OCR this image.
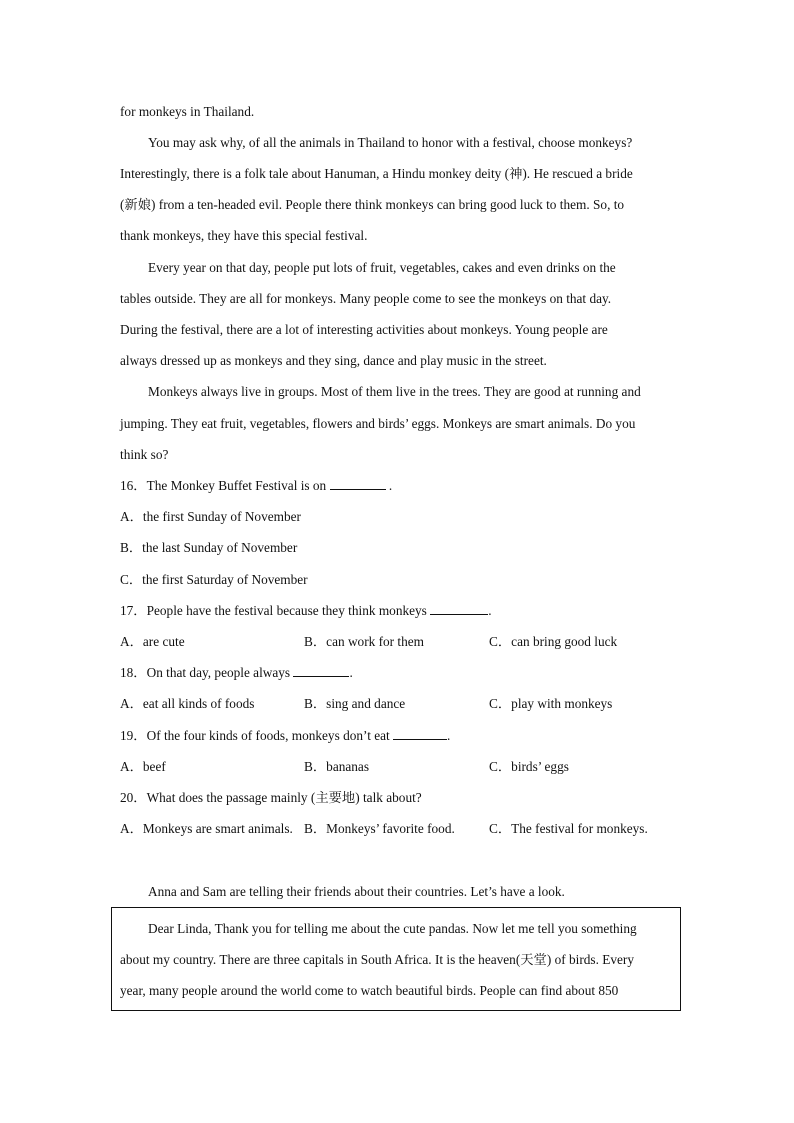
for monkeys in Thailand.

You may ask why, of all the animals in Thailand to honor with a festival, choose monkeys?

Interestingly, there is a folk tale about Hanuman, a Hindu monkey deity (神). He rescued a bride

(新娘) from a ten-headed evil. People there think monkeys can bring good luck to them. So, to

thank monkeys, they have this special festival.

Every year on that day, people put lots of fruit, vegetables, cakes and even drinks on the

tables outside. They are all for monkeys. Many people come to see the monkeys on that day.

During the festival, there are a lot of interesting activities about monkeys. Young people are

always dressed up as monkeys and they sing, dance and play music in the street.

Monkeys always live in groups. Most of them live in the trees. They are good at running and

jumping. They eat fruit, vegetables, flowers and birds’ eggs. Monkeys are smart animals. Do you

think so?

16．The Monkey Buffet Festival is on	.
A．the first Sunday of November
B．the last Sunday of November
C．the first Saturday of November
17．People have the festival because they think monkeys	.
A．are cute	B．can work for them	C．can bring good luck
18．On that day, people always	.
A．eat all kinds of foods	B．sing and dance	C．play with monkeys
19．Of the four kinds of foods, monkeys don’t eat	.
A．beef	B．bananas	C．birds’ eggs
20．What does the passage mainly (主要地) talk about?
A．Monkeys are smart animals. B．Monkeys’ favorite food.	C．The festival for monkeys.

Anna and Sam are telling their friends about their countries. Let’s have a look.

Dear Linda, Thank you for telling me about the cute pandas. Now let me tell you something

about my country. There are three capitals in South Africa. It is the heaven(天堂) of birds. Every

year, many people around the world come to watch beautiful birds. People can find about 850
